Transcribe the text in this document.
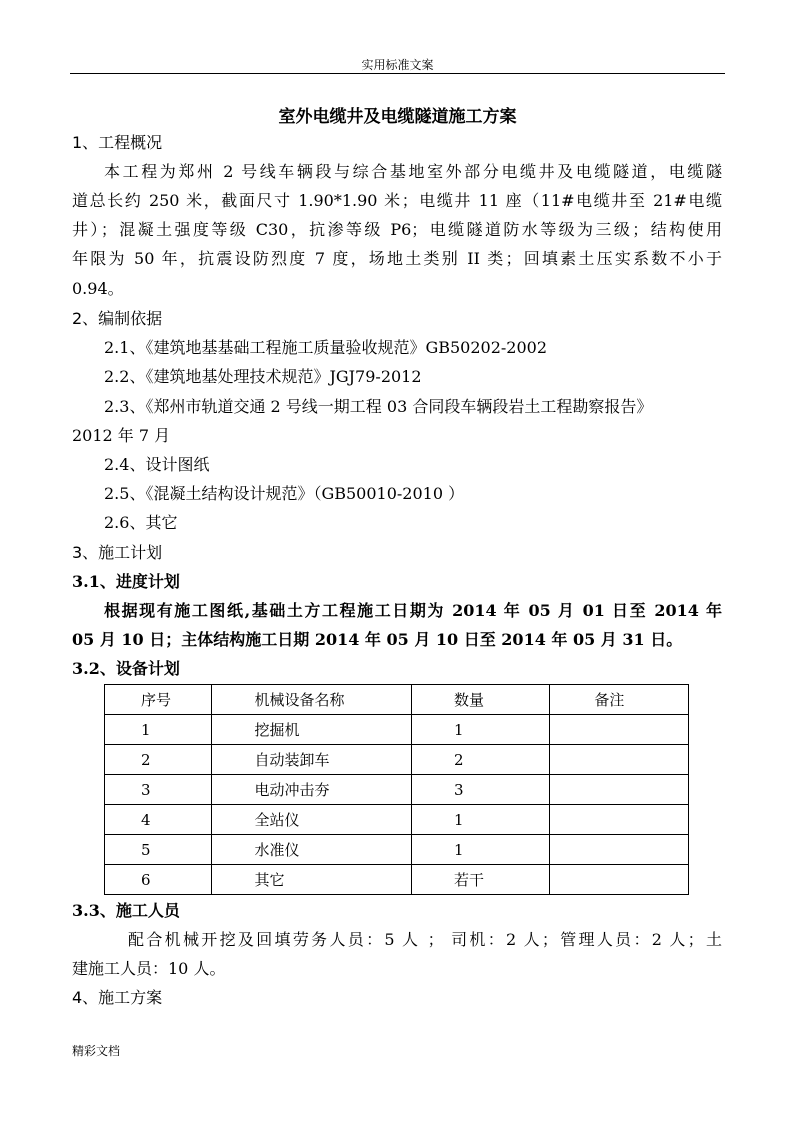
实用标准文案
室外电缆井及电缆隧道施工方案
1、工程概况
本工程为郑州 2 号线车辆段与综合基地室外部分电缆井及电缆隧道，电缆隧
道总长约 250 米，截面尺寸 1.90*1.90 米；电缆井 11 座（11#电缆井至 21#电缆
井）；混凝土强度等级 C30，抗渗等级 P6；电缆隧道防水等级为三级；结构使用
年限为 50 年，抗震设防烈度 7 度，场地土类别 II 类；回填素土压实系数不小于
0.94。
2、编制依据
2.1、《建筑地基基础工程施工质量验收规范》GB50202-2002
2.2、《建筑地基处理技术规范》JGJ79-2012
2.3、《郑州市轨道交通 2 号线一期工程 03 合同段车辆段岩土工程勘察报告》
2012 年 7 月
2.4、设计图纸
2.5、《混凝土结构设计规范》（GB50010-2010 ）
2.6、其它
3、施工计划
3.1、进度计划
根据现有施工图纸,基础土方工程施工日期为 2014 年 05 月 01 日至 2014 年
05 月 10 日；主体结构施工日期 2014 年 05 月 10 日至 2014 年 05 月 31 日。
3.2、设备计划
序号	机械设备名称	数量	备注
1	挖掘机	1	
2	自动装卸车	2	
3	电动冲击夯	3	
4	全站仪	1	
5	水准仪	1	
6	其它	若干	
3.3、施工人员
配合机械开挖及回填劳务人员：5 人 ； 司机：2 人；管理人员：2 人；土
建施工人员：10 人。
4、施工方案
精彩文档
